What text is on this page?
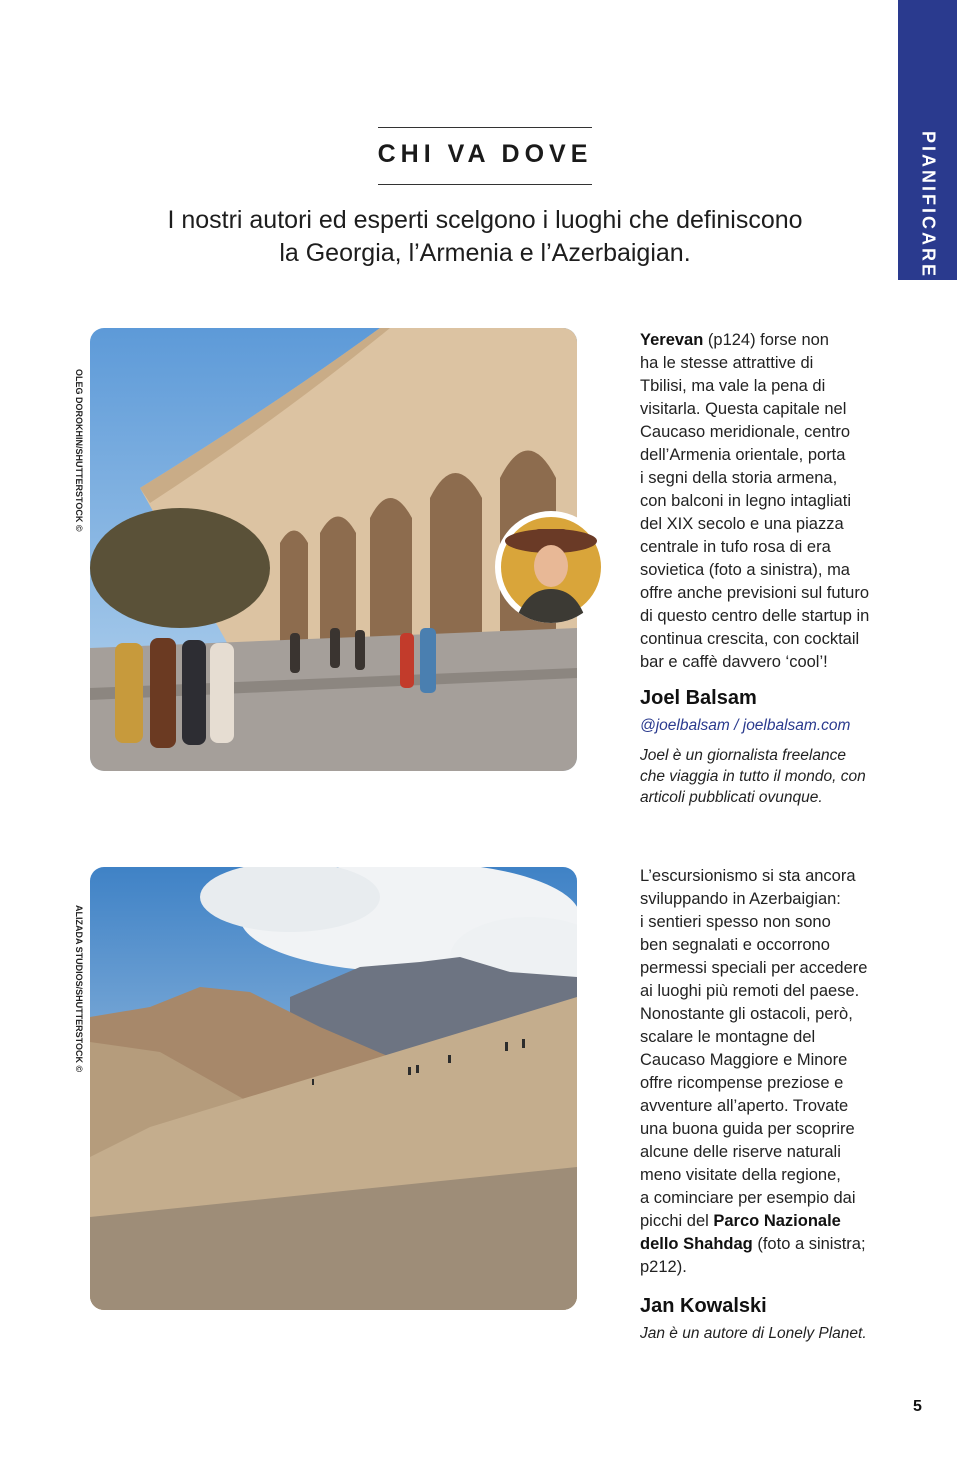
PIANIFICARE
CHI VA DOVE
I nostri autori ed esperti scelgono i luoghi che definiscono
la Georgia, l’Armenia e l’Azerbaigian.
OLEG DOROKHIN/SHUTTERSTOCK ©
Yerevan (p124) forse non
ha le stesse attrattive di
Tbilisi, ma vale la pena di
visitarla. Questa capitale nel
Caucaso meridionale, centro
dell’Armenia orientale, porta
i segni della storia armena,
con balconi in legno intagliati
del XIX secolo e una piazza
centrale in tufo rosa di era
sovietica (foto a sinistra), ma
offre anche previsioni sul futuro
di questo centro delle startup in
continua crescita, con cocktail
bar e caffè davvero ‘cool’!
Joel Balsam
@joelbalsam / joelbalsam.com
Joel è un giornalista freelance
che viaggia in tutto il mondo, con
articoli pubblicati ovunque.
ALIZADA STUDIOS/SHUTTERSTOCK ©
L’escursionismo si sta ancora
sviluppando in Azerbaigian:
i sentieri spesso non sono
ben segnalati e occorrono
permessi speciali per accedere
ai luoghi più remoti del paese.
Nonostante gli ostacoli, però,
scalare le montagne del
Caucaso Maggiore e Minore
offre ricompense preziose e
avventure all’aperto. Trovate
una buona guida per scoprire
alcune delle riserve naturali
meno visitate della regione,
a cominciare per esempio dai
picchi del Parco Nazionale
dello Shahdag (foto a sinistra;
p212).
Jan Kowalski
Jan è un autore di Lonely Planet.
5
